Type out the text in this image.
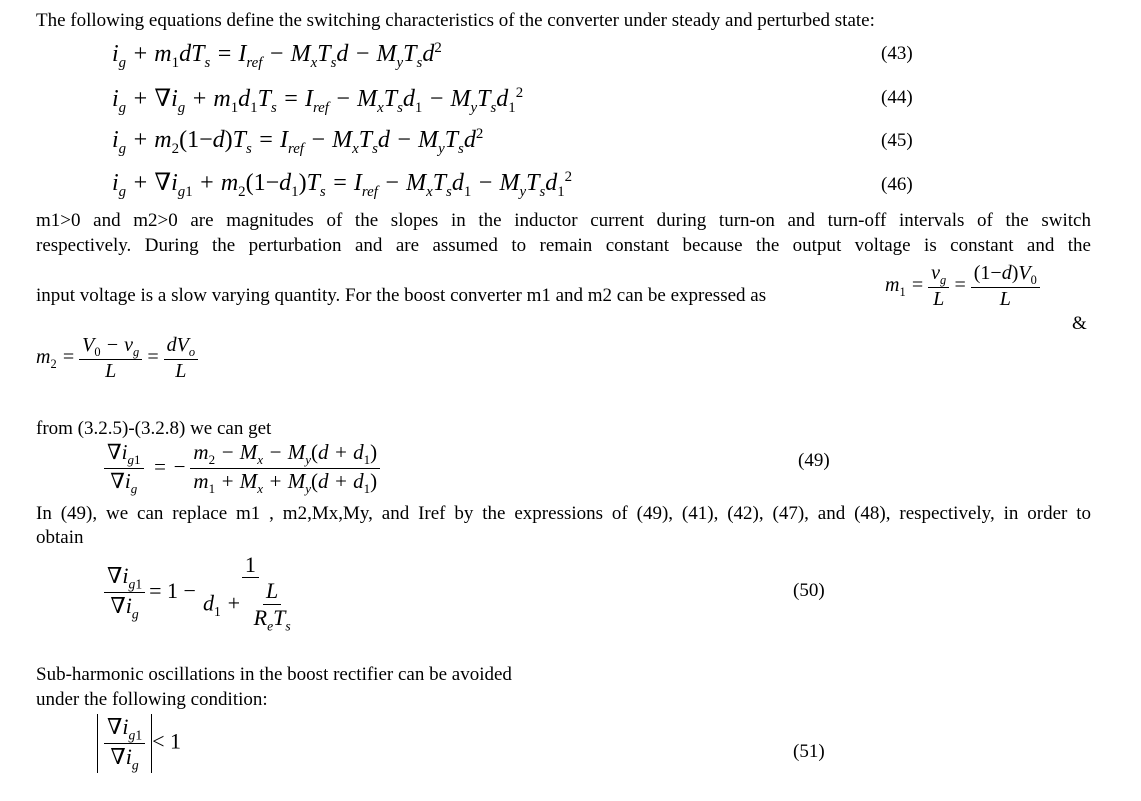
The following equations define the switching characteristics of the converter under steady and perturbed state:
$i_g + m_1dT_s = I_{ref} - M_xT_sd - M_yT_sd^2$	(43)
$i_g + \nabla i_g + m_1d_1T_s = I_{ref} - M_xT_sd_1 - M_yT_sd_1^2$	(44)
$i_g + m_2(1-d)T_s = I_{ref} - M_xT_sd - M_yT_sd^2$	(45)
$i_g + \nabla i_{g1} + m_2(1-d_1)T_s = I_{ref} - M_xT_sd_1 - M_yT_sd_1^2$	(46)
m1>0 and m2>0 are magnitudes of the slopes in the inductor current during turn-on and turn-off intervals of the switch
respectively. During the perturbation and are assumed to remain constant because the output voltage is constant and the
input voltage is a slow varying quantity. For the boost converter m1 and m2 can be expressed as	$m_1 = \frac{v_g}{L} = \frac{(1-d)V_0}{L}$
&
$m_2 = \frac{V_0 - v_g}{L} = \frac{dV_o}{L}$
from (3.2.5)-(3.2.8) we can get
$\frac{\nabla i_{g1}}{\nabla i_g}$ = − $\frac{m_2 - M_x - M_y(d + d_1)}{m_1 + M_x + M_y(d + d_1)}$	(49)
In (49), we can replace m1 , m2,Mx,My, and Iref by the expressions of (49), (41), (42), (47), and (48), respectively, in order to
obtain
$\frac{\nabla i_{g1}}{\nabla i_g} = 1 - \frac{1}{d_1 + \frac{L}{R_eT_s}}$	(50)
Sub-harmonic oscillations in the boost rectifier can be avoided
under the following condition:
$\frac{\nabla i_{g1}}{\nabla i_g} < 1$	(51)
